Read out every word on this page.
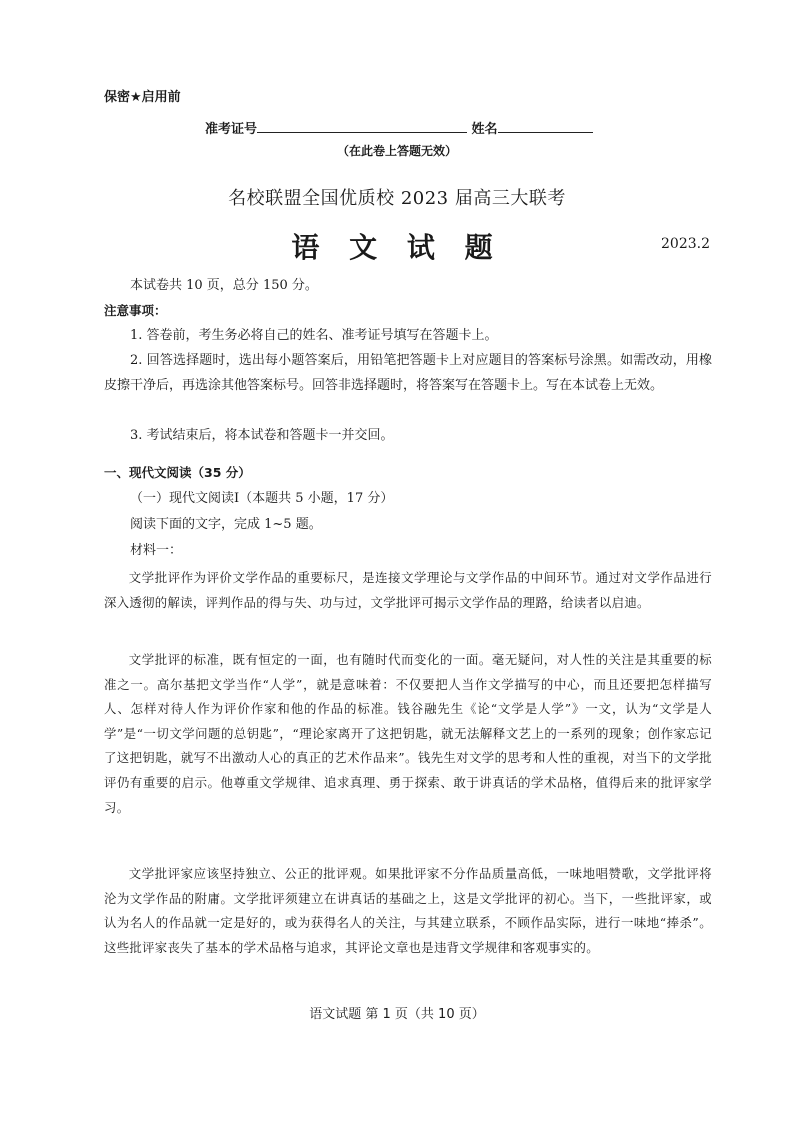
保密★启用前
准考证号	姓名
（在此卷上答题无效）
名校联盟全国优质校 2023 届高三大联考
语 文 试 题	2023.2
本试卷共 10 页，总分 150 分。
注意事项：
1. 答卷前，考生务必将自己的姓名、准考证号填写在答题卡上。
2. 回答选择题时，选出每小题答案后，用铅笔把答题卡上对应题目的答案标号涂黑。如需改动，用橡皮擦干净后，再选涂其他答案标号。回答非选择题时，将答案写在答题卡上。写在本试卷上无效。
3. 考试结束后，将本试卷和答题卡一并交回。
一、现代文阅读（35 分）
（一）现代文阅读Ⅰ（本题共 5 小题，17 分）
阅读下面的文字，完成 1~5 题。
材料一：
文学批评作为评价文学作品的重要标尺，是连接文学理论与文学作品的中间环节。通过对文学作品进行深入透彻的解读，评判作品的得与失、功与过，文学批评可揭示文学作品的理路，给读者以启迪。
文学批评的标准，既有恒定的一面，也有随时代而变化的一面。毫无疑问，对人性的关注是其重要的标准之一。高尔基把文学当作“人学”，就是意味着：不仅要把人当作文学描写的中心，而且还要把怎样描写人、怎样对待人作为评价作家和他的作品的标准。钱谷融先生《论“文学是人学”》一文，认为“文学是人学”是“一切文学问题的总钥匙”，“理论家离开了这把钥匙，就无法解释文艺上的一系列的现象；创作家忘记了这把钥匙，就写不出激动人心的真正的艺术作品来”。钱先生对文学的思考和人性的重视，对当下的文学批评仍有重要的启示。他尊重文学规律、追求真理、勇于探索、敢于讲真话的学术品格，值得后来的批评家学习。
文学批评家应该坚持独立、公正的批评观。如果批评家不分作品质量高低，一味地唱赞歌，文学批评将沦为文学作品的附庸。文学批评须建立在讲真话的基础之上，这是文学批评的初心。当下，一些批评家，或认为名人的作品就一定是好的，或为获得名人的关注，与其建立联系，不顾作品实际，进行一味地“捧杀”。这些批评家丧失了基本的学术品格与追求，其评论文章也是违背文学规律和客观事实的。
语文试题 第 1 页（共 10 页）
